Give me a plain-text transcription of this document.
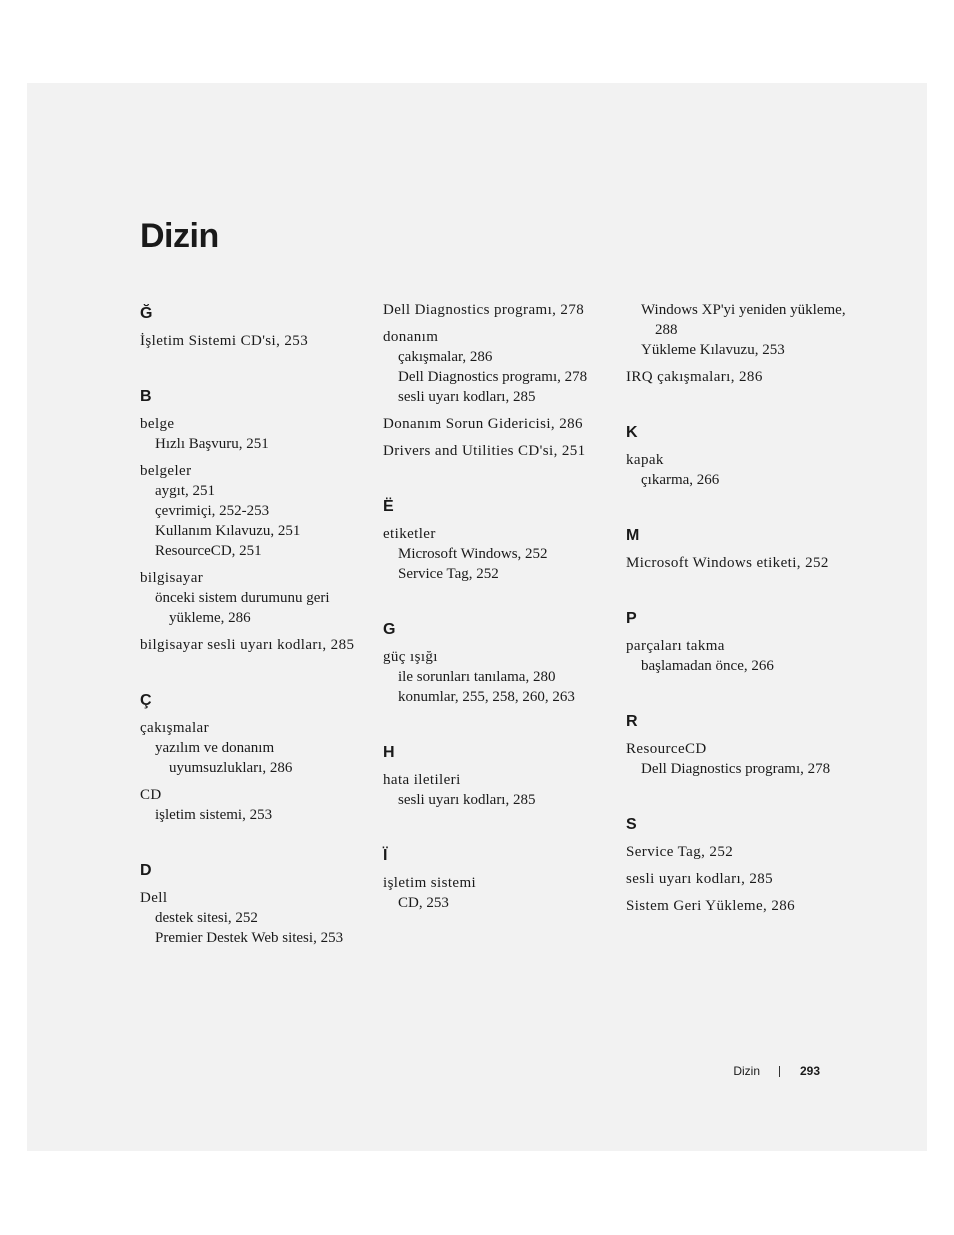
Dizin
Ğ
İşletim Sistemi CD'si, 253
B
belge
Hızlı Başvuru, 251
belgeler
aygıt, 251
çevrimiçi, 252-253
Kullanım Kılavuzu, 251
ResourceCD, 251
bilgisayar
önceki sistem durumunu geri yükleme, 286
bilgisayar sesli uyarı kodları, 285
Ç
çakışmalar
yazılım ve donanım uyumsuzlukları, 286
CD
işletim sistemi, 253
D
Dell
destek sitesi, 252
Premier Destek Web sitesi, 253
Dell Diagnostics programı, 278
donanım
çakışmalar, 286
Dell Diagnostics programı, 278
sesli uyarı kodları, 285
Donanım Sorun Gidericisi, 286
Drivers and Utilities CD'si, 251
Ë
etiketler
Microsoft Windows, 252
Service Tag, 252
G
güç ışığı
ile sorunları tanılama, 280
konumlar, 255, 258, 260, 263
H
hata iletileri
sesli uyarı kodları, 285
Ï
işletim sistemi
CD, 253
Windows XP'yi yeniden yükleme, 288
Yükleme Kılavuzu, 253
IRQ çakışmaları, 286
K
kapak
çıkarma, 266
M
Microsoft Windows etiketi, 252
P
parçaları takma
başlamadan önce, 266
R
ResourceCD
Dell Diagnostics programı, 278
S
Service Tag, 252
sesli uyarı kodları, 285
Sistem Geri Yükleme, 286
Dizin	293
